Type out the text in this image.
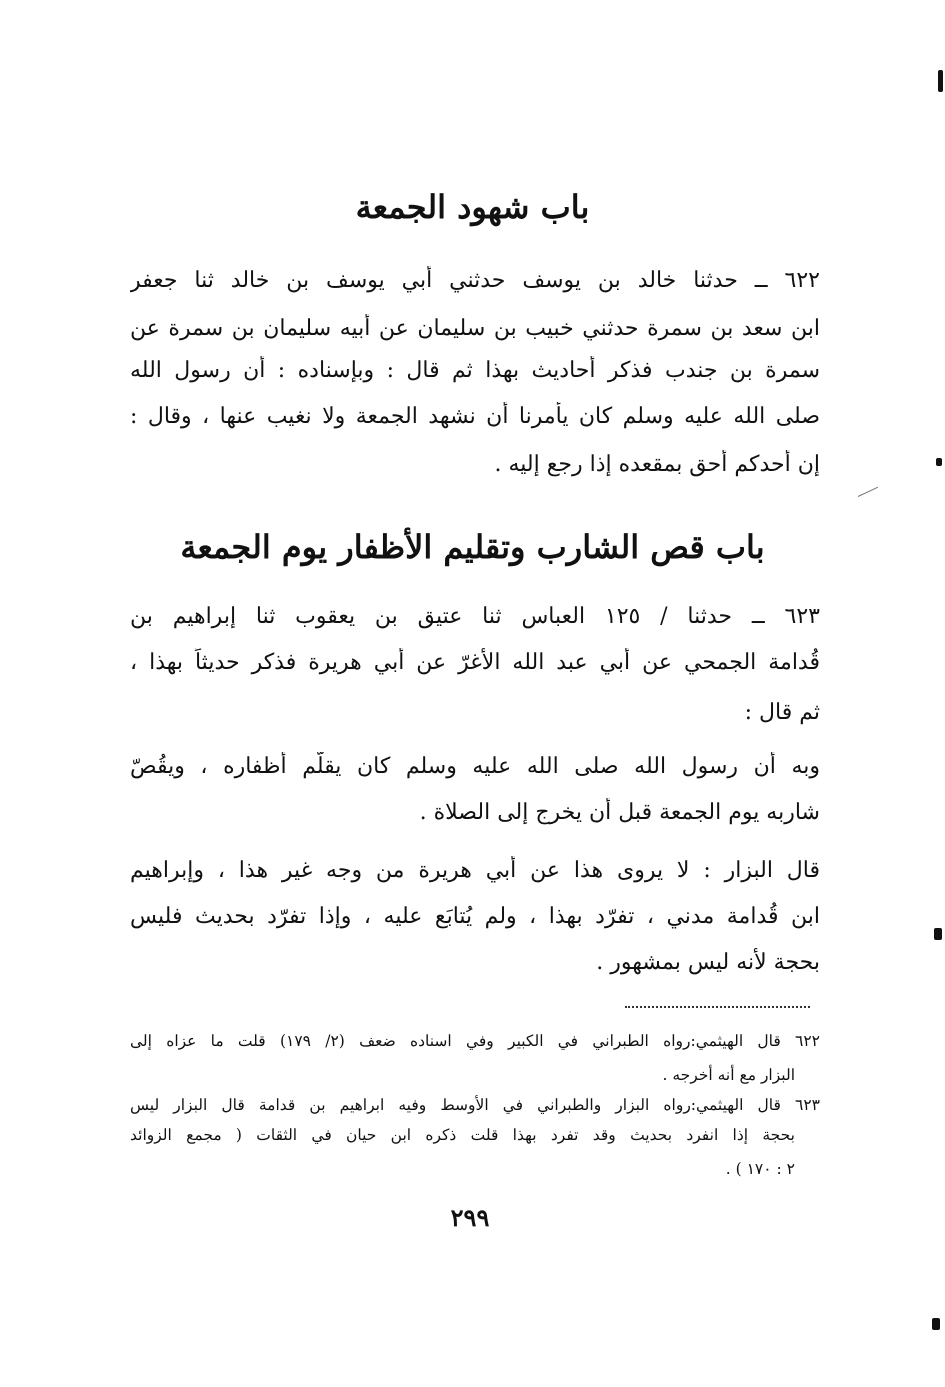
باب شهود الجمعة
٦٢٢ ــ حدثنا خالد بن يوسف حدثني أبي يوسف بن خالد ثنا جعفر
ابن سعد بن سمرة حدثني خبيب بن سليمان عن أبيه سليمان بن سمرة عن
سمرة بن جندب فذكر أحاديث بهذا ثم قال : وبإسناده : أن رسول الله
صلى الله عليه وسلم كان يأمرنا أن نشهد الجمعة ولا نغيب عنها ، وقال :
إن أحدكم أحق بمقعده إذا رجع إليه .
باب قص الشارب وتقليم الأظفار يوم الجمعة
٦٢٣ ــ حدثنا / ١٢٥ العباس ثنا عتيق بن يعقوب ثنا إبراهيم بن
قُدامة الجمحي عن أبي عبد الله الأغرّ عن أبي هريرة فذكر حديثاً بهذا ،
ثم قال :
وبه أن رسول الله صلى الله عليه وسلم كان يقلّم أظفاره ، ويقُصّ
شاربه يوم الجمعة قبل أن يخرج إلى الصلاة .
قال البزار : لا يروى هذا عن أبي هريرة من وجه غير هذا ، وإبراهيم
ابن قُدامة مدني ، تفرّد بهذا ، ولم يُتابَع عليه ، وإذا تفرّد بحديث فليس
بحجة لأنه ليس بمشهور .
٦٢٢ قال الهيثمي:رواه الطبراني في الكبير وفي اسناده ضعف (٢/ ١٧٩) قلت ما عزاه إلى
البزار مع أنه أخرجه .
٦٢٣ قال الهيثمي:رواه البزار والطبراني في الأوسط وفيه ابراهيم بن قدامة قال البزار ليس
بحجة إذا انفرد بحديث وقد تفرد بهذا قلت ذكره ابن حيان في الثقات ( مجمع الزوائد
٢ : ١٧٠ ) .
٢٩٩
